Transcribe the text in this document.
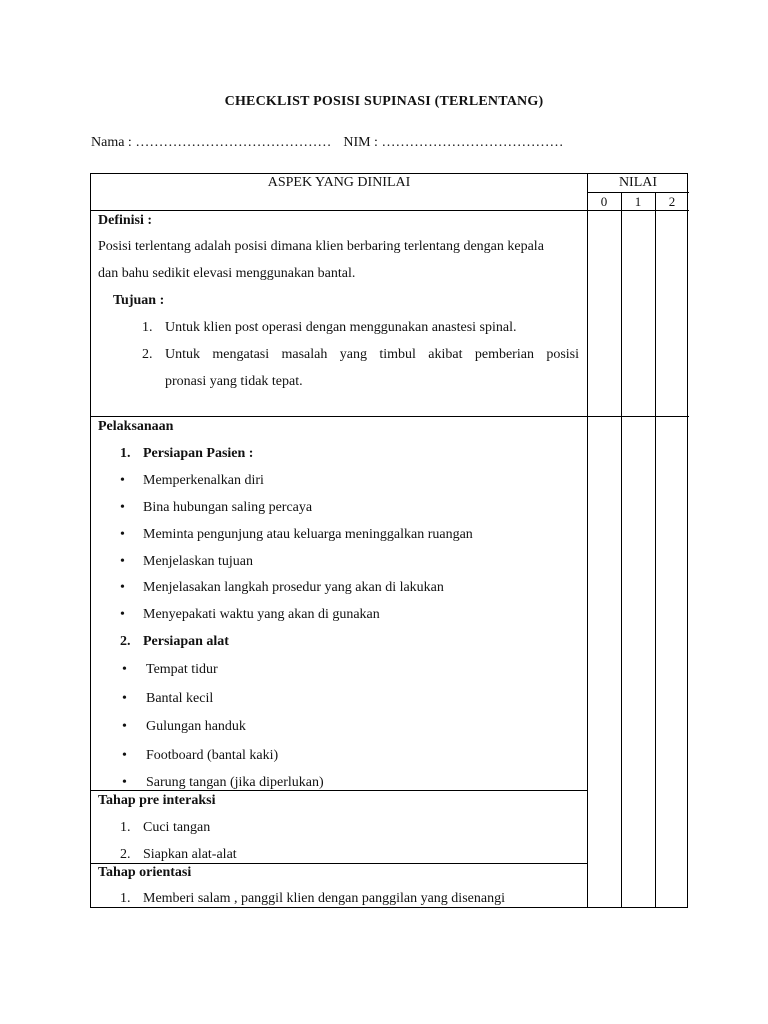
CHECKLIST POSISI SUPINASI (TERLENTANG)
Nama : …………………………………… NIM : …………………………………
ASPEK YANG DINILAI	NILAI
0	1	2
Definisi :
Posisi terlentang adalah posisi dimana klien berbaring terlentang dengan kepala
dan bahu sedikit elevasi menggunakan bantal.
Tujuan :
1. Untuk klien post operasi dengan menggunakan anastesi spinal.
2. Untuk mengatasi masalah yang timbul akibat pemberian posisi
pronasi yang tidak tepat.
Pelaksanaan
1. Persiapan Pasien :
• Memperkenalkan diri
• Bina hubungan saling percaya
• Meminta pengunjung atau keluarga meninggalkan ruangan
• Menjelaskan tujuan
• Menjelasakan langkah prosedur yang akan di lakukan
• Menyepakati waktu yang akan di gunakan
2. Persiapan alat
• Tempat tidur
• Bantal kecil
• Gulungan handuk
• Footboard (bantal kaki)
• Sarung tangan (jika diperlukan)
Tahap pre interaksi
1. Cuci tangan
2. Siapkan alat-alat
Tahap orientasi
1. Memberi salam , panggil klien dengan panggilan yang disenangi
